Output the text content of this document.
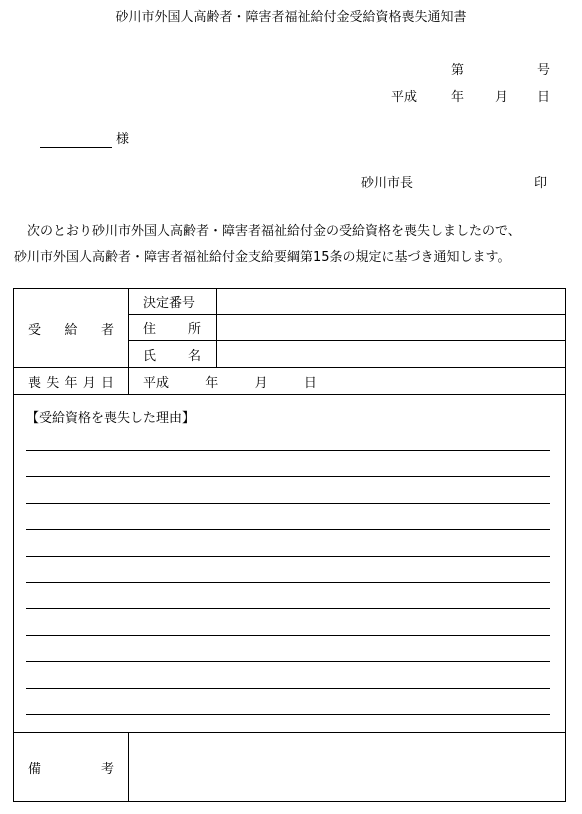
砂川市外国人高齢者・障害者福祉給付金受給資格喪失通知書
第	号
平成	年 月 日
様
砂川市長	印
次のとおり砂川市外国人高齢者・障害者福祉給付金の受給資格を喪失しましたので、
砂川市外国人高齢者・障害者福祉給付金支給要綱第15条の規定に基づき通知します。
受 給 者	決定番号	

	住 所	

	氏 名	

喪 失 年 月 日	平成 年 月 日	

【受給資格を喪失した理由】		

備 考		
